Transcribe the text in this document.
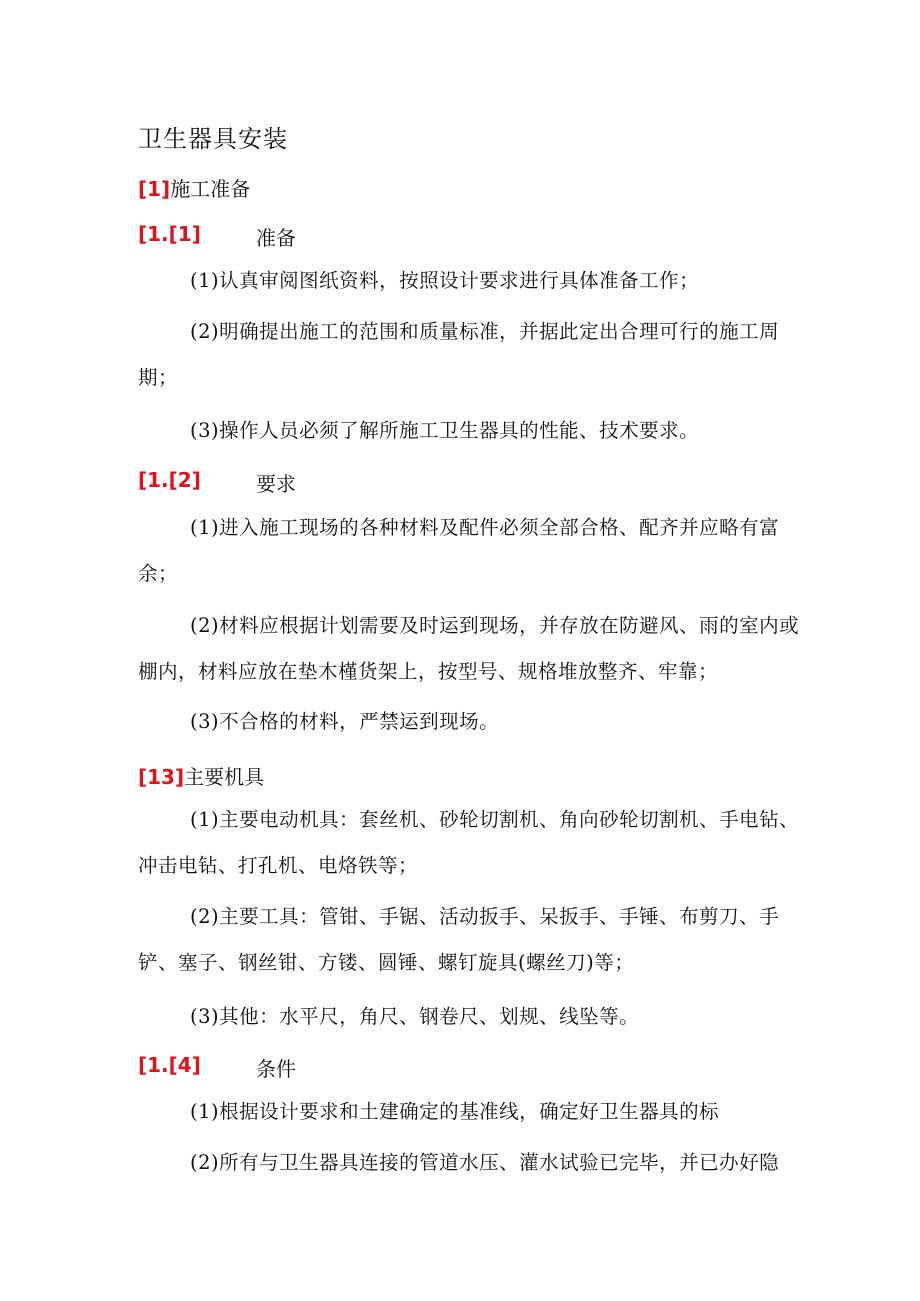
卫生器具安装
[1]施工准备
[1.[1]	准备

(1)认真审阅图纸资料，按照设计要求进行具体准备工作；

(2)明确提出施工的范围和质量标准，并据此定出合理可行的施工周期；

(3)操作人员必须了解所施工卫生器具的性能、技术要求。

[1.[2]	要求

(1)进入施工现场的各种材料及配件必须全部合格、配齐并应略有富余；

(2)材料应根据计划需要及时运到现场，并存放在防避风、雨的室内或棚内，材料应放在垫木槿货架上，按型号、规格堆放整齐、牢靠；

(3)不合格的材料，严禁运到现场。

[13]主要机具

(1)主要电动机具：套丝机、砂轮切割机、角向砂轮切割机、手电钻、冲击电钻、打孔机、电烙铁等；

(2)主要工具：管钳、手锯、活动扳手、呆扳手、手锤、布剪刀、手铲、塞子、钢丝钳、方镂、圆锤、螺钉旋具(螺丝刀)等；

(3)其他：水平尺，角尺、钢卷尺、划规、线坠等。

[1.[4]	条件

(1)根据设计要求和土建确定的基准线，确定好卫生器具的标

(2)所有与卫生器具连接的管道水压、灌水试验已完毕，并已办好隐
